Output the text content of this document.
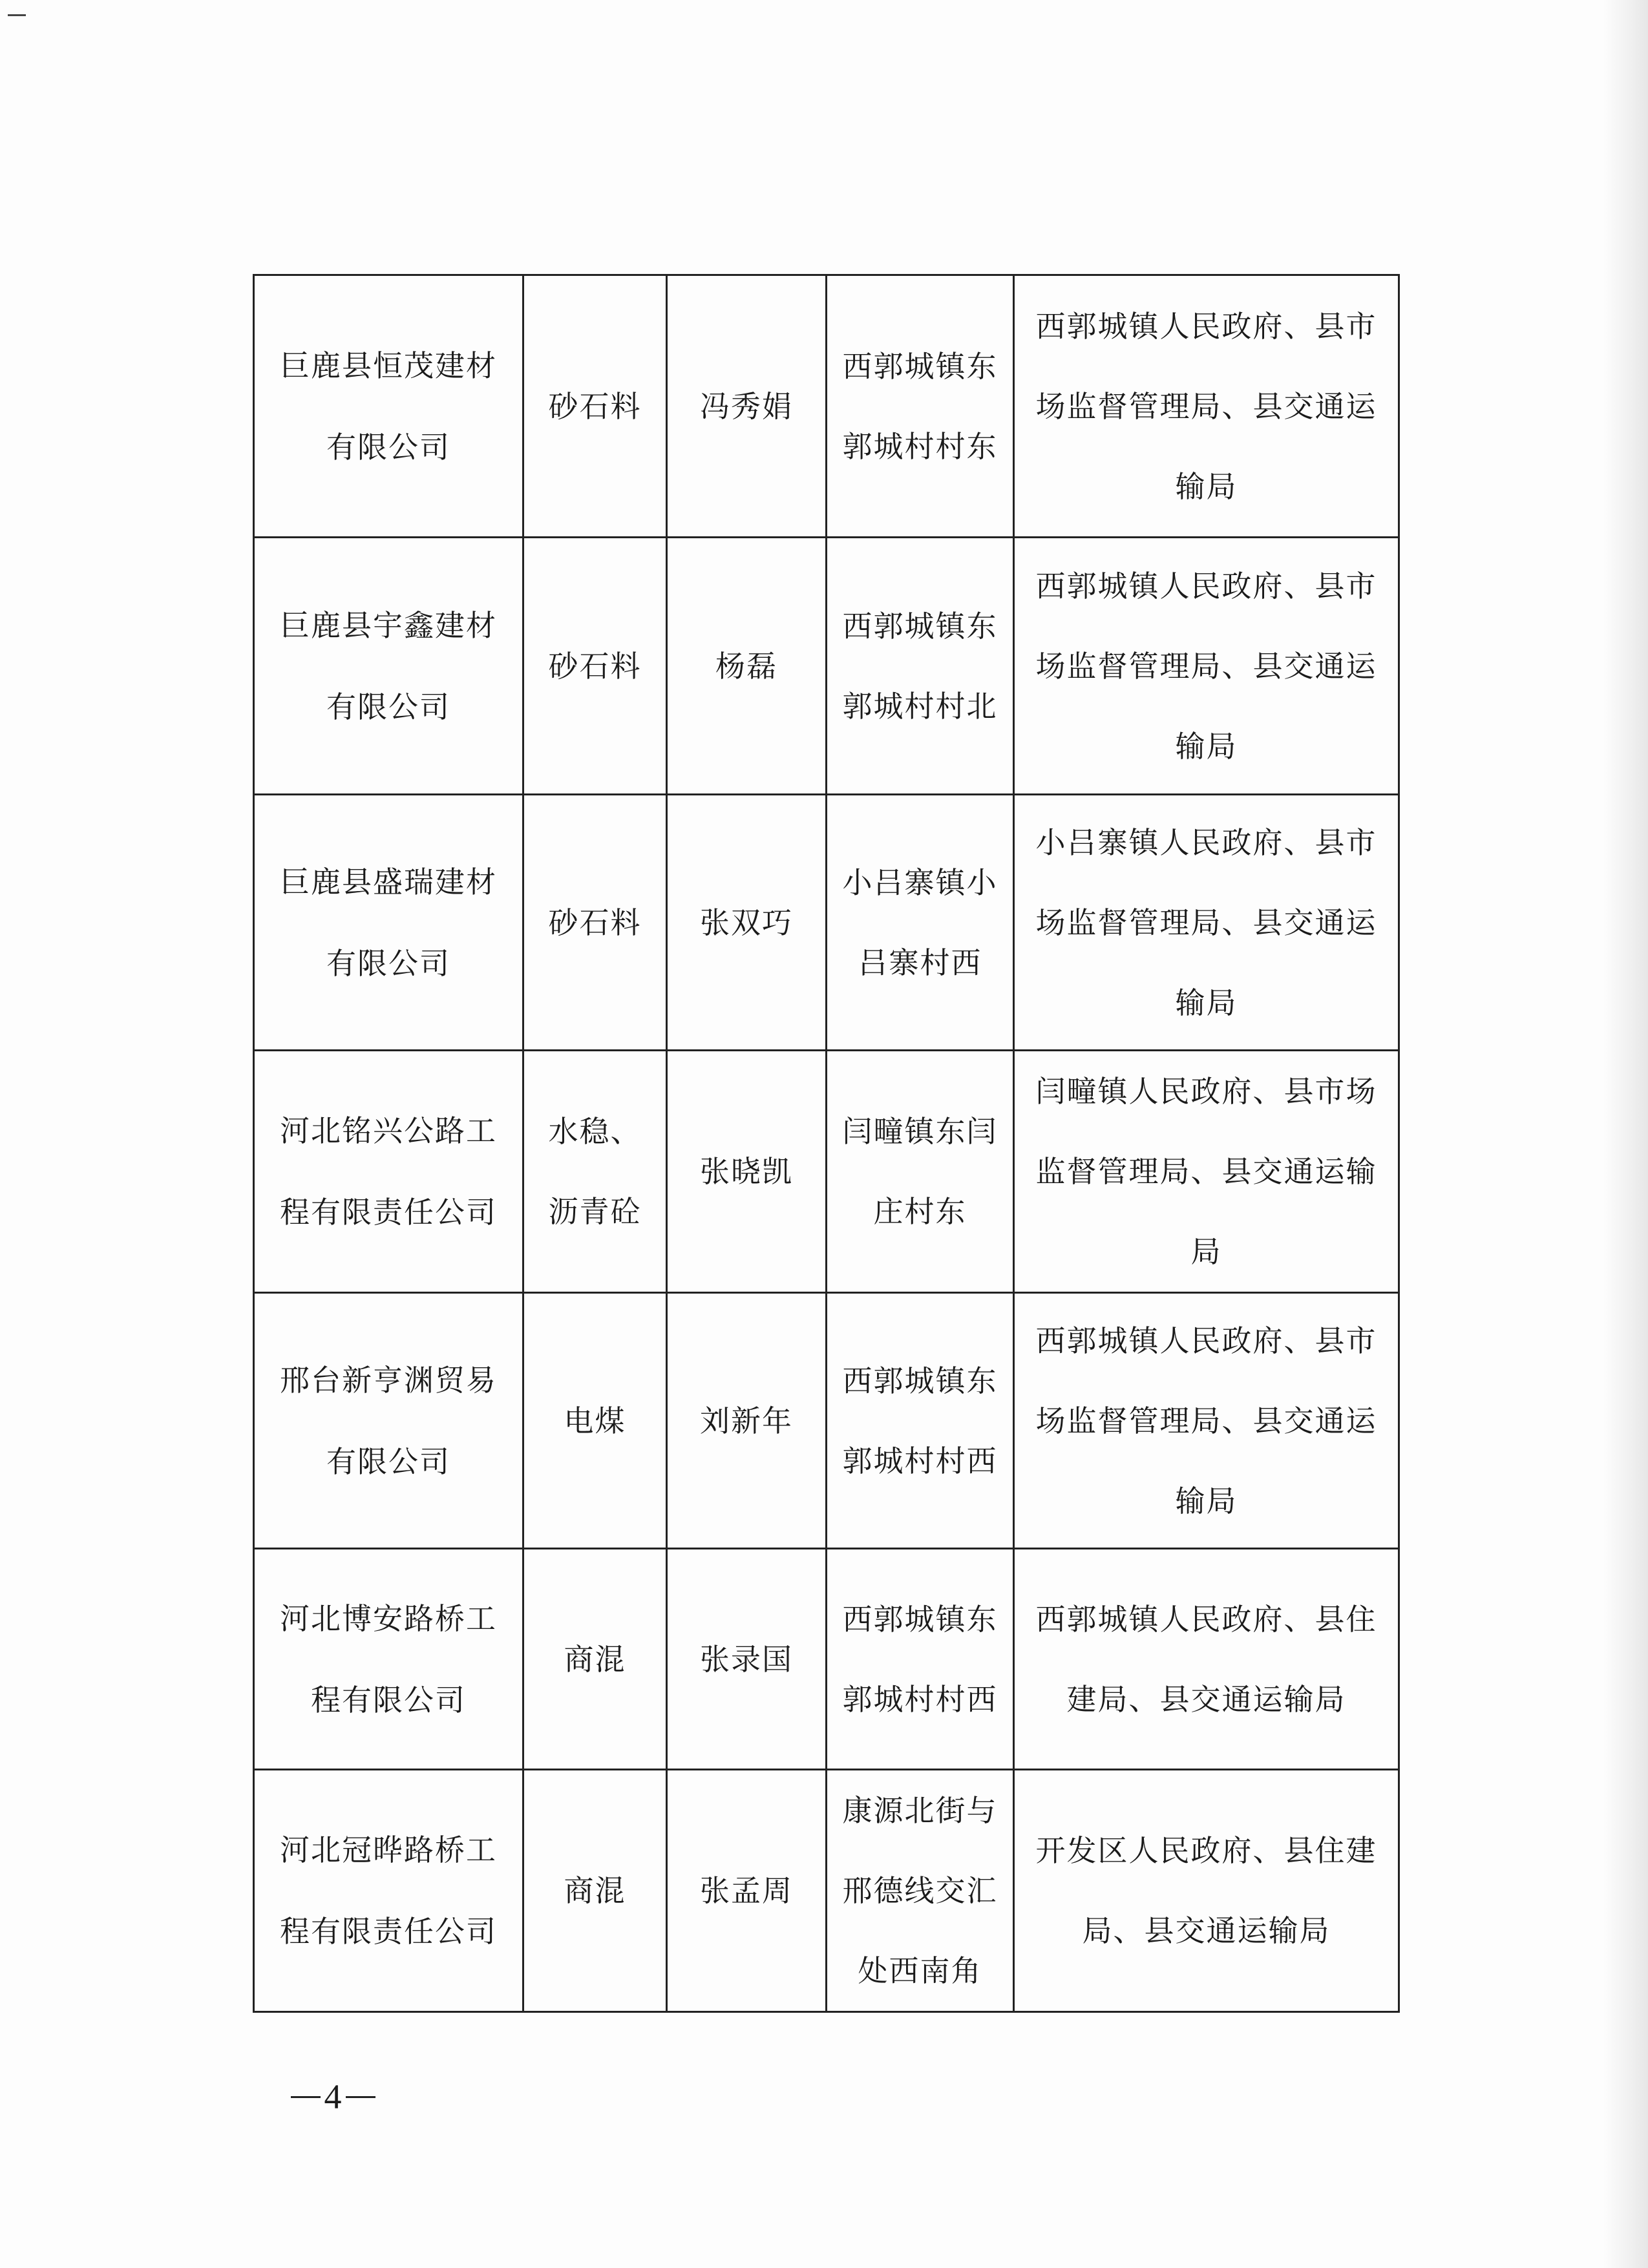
巨鹿县恒茂建材有限公司	砂石料	冯秀娟	西郭城镇东郭城村村东	西郭城镇人民政府、县市场监督管理局、县交通运输局
巨鹿县宇鑫建材有限公司	砂石料	杨磊	西郭城镇东郭城村村北	西郭城镇人民政府、县市场监督管理局、县交通运输局
巨鹿县盛瑞建材有限公司	砂石料	张双巧	小吕寨镇小吕寨村西	小吕寨镇人民政府、县市场监督管理局、县交通运输局
河北铭兴公路工程有限责任公司	水稳、沥青砼	张晓凯	闫疃镇东闫庄村东	闫疃镇人民政府、县市场监督管理局、县交通运输局
邢台新亨渊贸易有限公司	电煤	刘新年	西郭城镇东郭城村村西	西郭城镇人民政府、县市场监督管理局、县交通运输局
河北博安路桥工程有限公司	商混	张录国	西郭城镇东郭城村村西	西郭城镇人民政府、县住建局、县交通运输局
河北冠晔路桥工程有限责任公司	商混	张孟周	康源北街与邢德线交汇处西南角	开发区人民政府、县住建局、县交通运输局
4
